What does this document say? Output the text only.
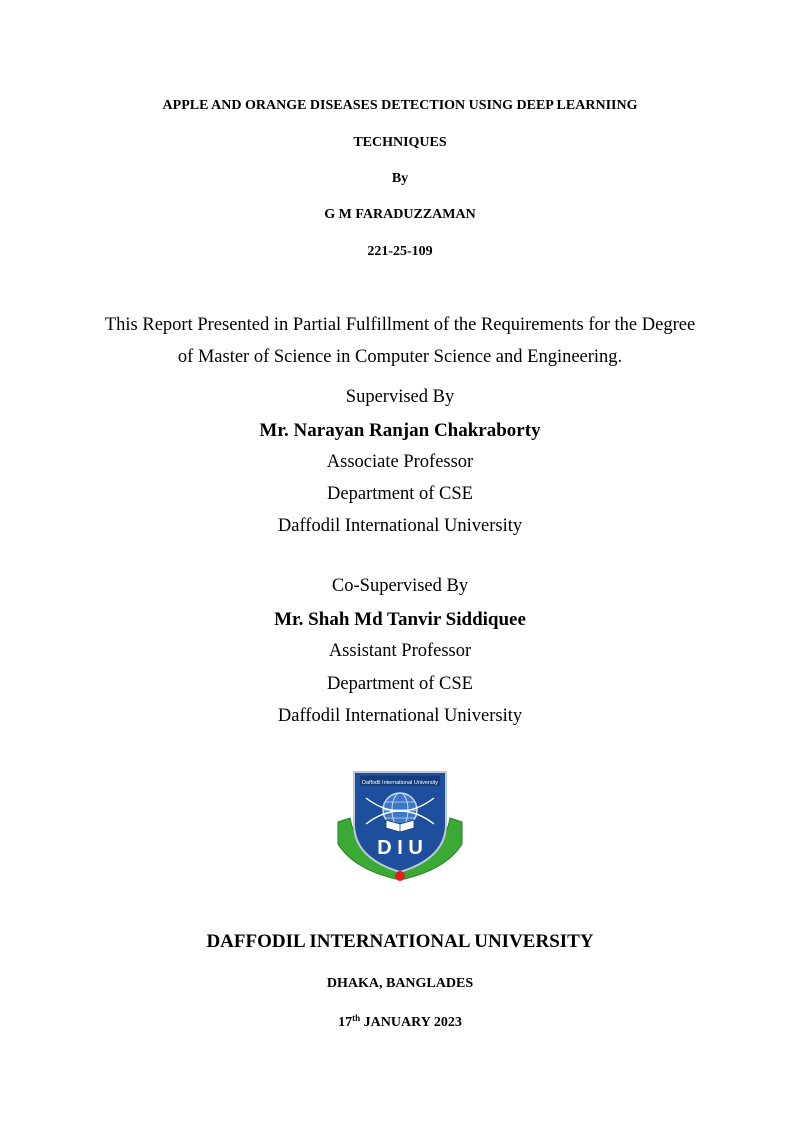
APPLE AND ORANGE DISEASES DETECTION USING DEEP LEARNIING
TECHNIQUES
By
G M FARADUZZAMAN
221-25-109
This Report Presented in Partial Fulfillment of the Requirements for the Degree
of Master of Science in Computer Science and Engineering.
Supervised By
Mr. Narayan Ranjan Chakraborty
Associate Professor
Department of CSE
Daffodil International University
Co-Supervised By
Mr. Shah Md Tanvir Siddiquee
Assistant Professor
Department of CSE
Daffodil International University
Daffodil International University
D I U
DAFFODIL INTERNATIONAL UNIVERSITY
DHAKA, BANGLADES
17th JANUARY 2023
